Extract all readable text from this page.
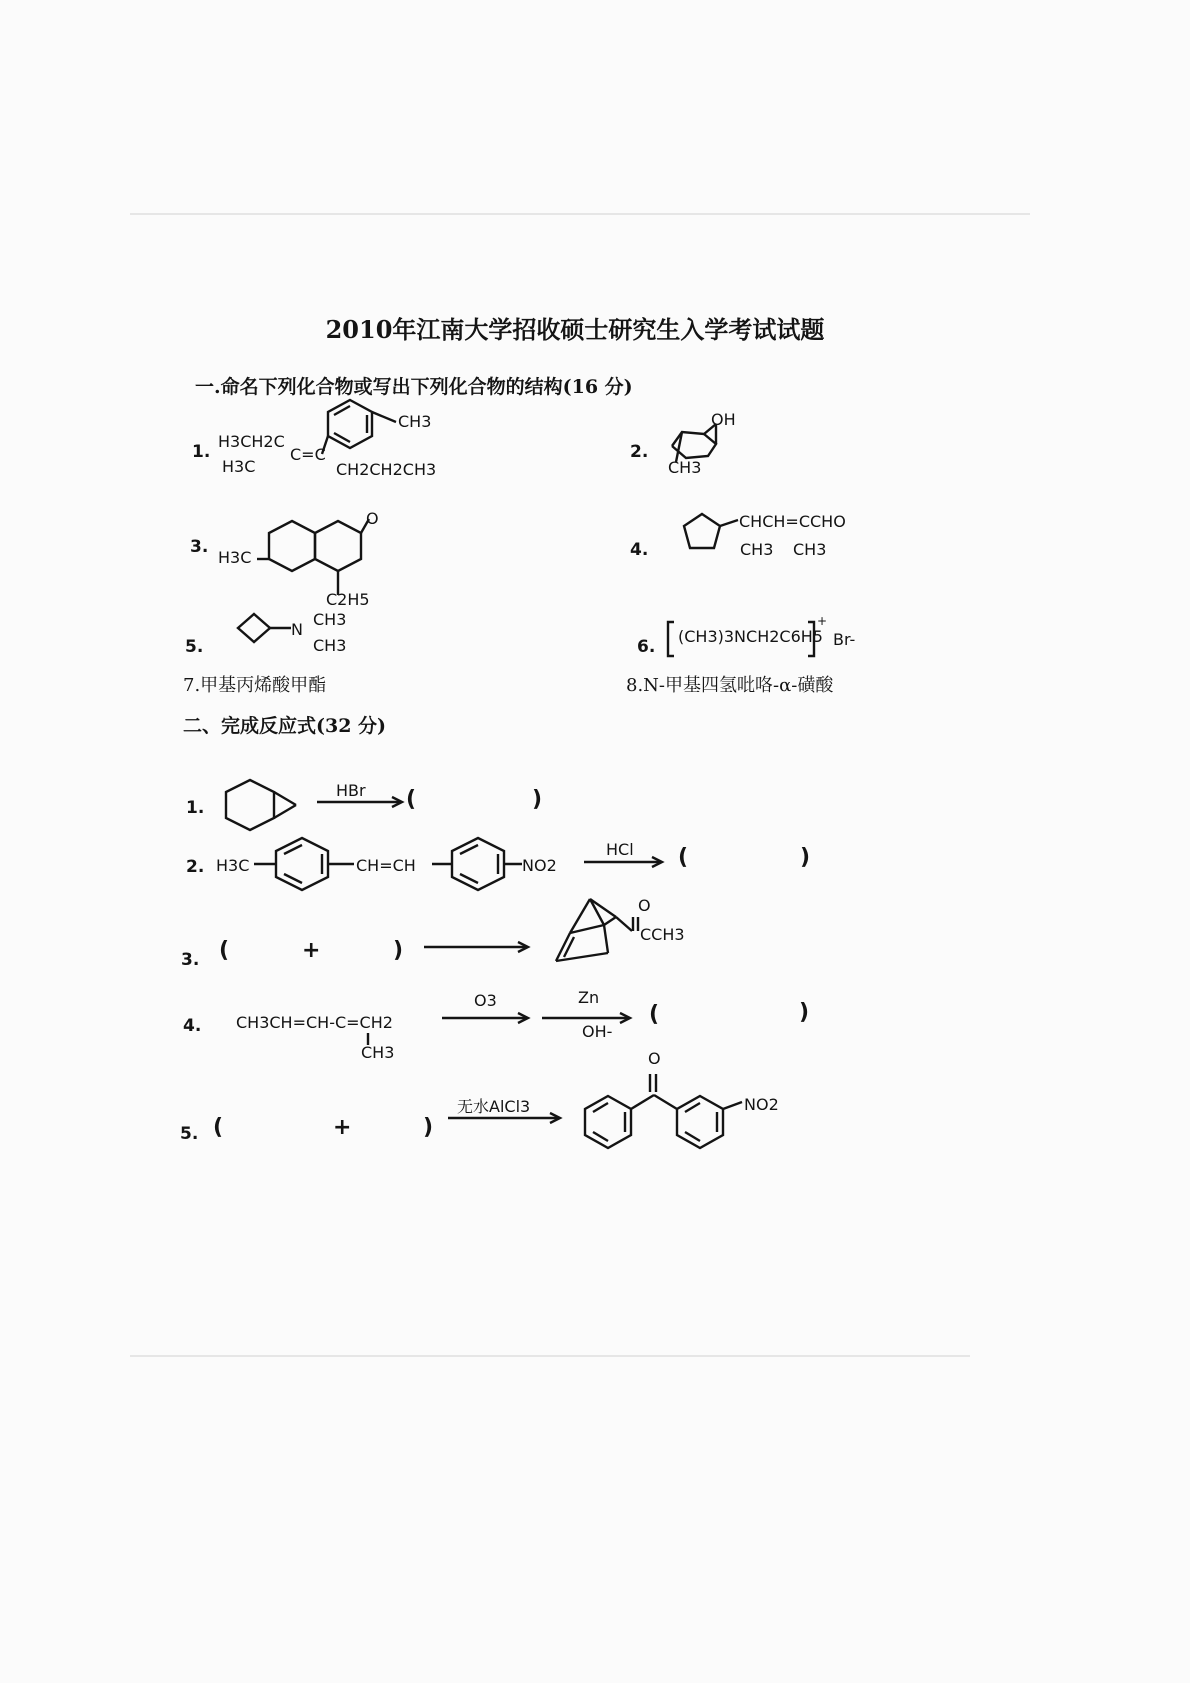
2010年江南大学招收硕士研究生入学考试试题
一.命名下列化合物或写出下列化合物的结构(16 分)
1.
CH3
H3CH2C
H3C
C=C
CH2CH2CH3
2.
OH
CH3
3.
H3C
O
C2H5
4.
CHCH=CCHO
CH3 CH3
5.
N
CH3
CH3	6.
(CH3)3NCH2C6H5
+
Br-
7.甲基丙烯酸甲酯	8.N-甲基四氢吡咯-α-磺酸
二、完成反应式(32 分)
1.
HBr (	)
2. H3C	CH=CH	NO2
HCl (	)
3. (	+	)
O
CCH3
4. CH3CH=CH-C=CH2
CH3
O3	Zn
OH-
(	)
5. (	+	)
无水AlCl3
O
NO2
